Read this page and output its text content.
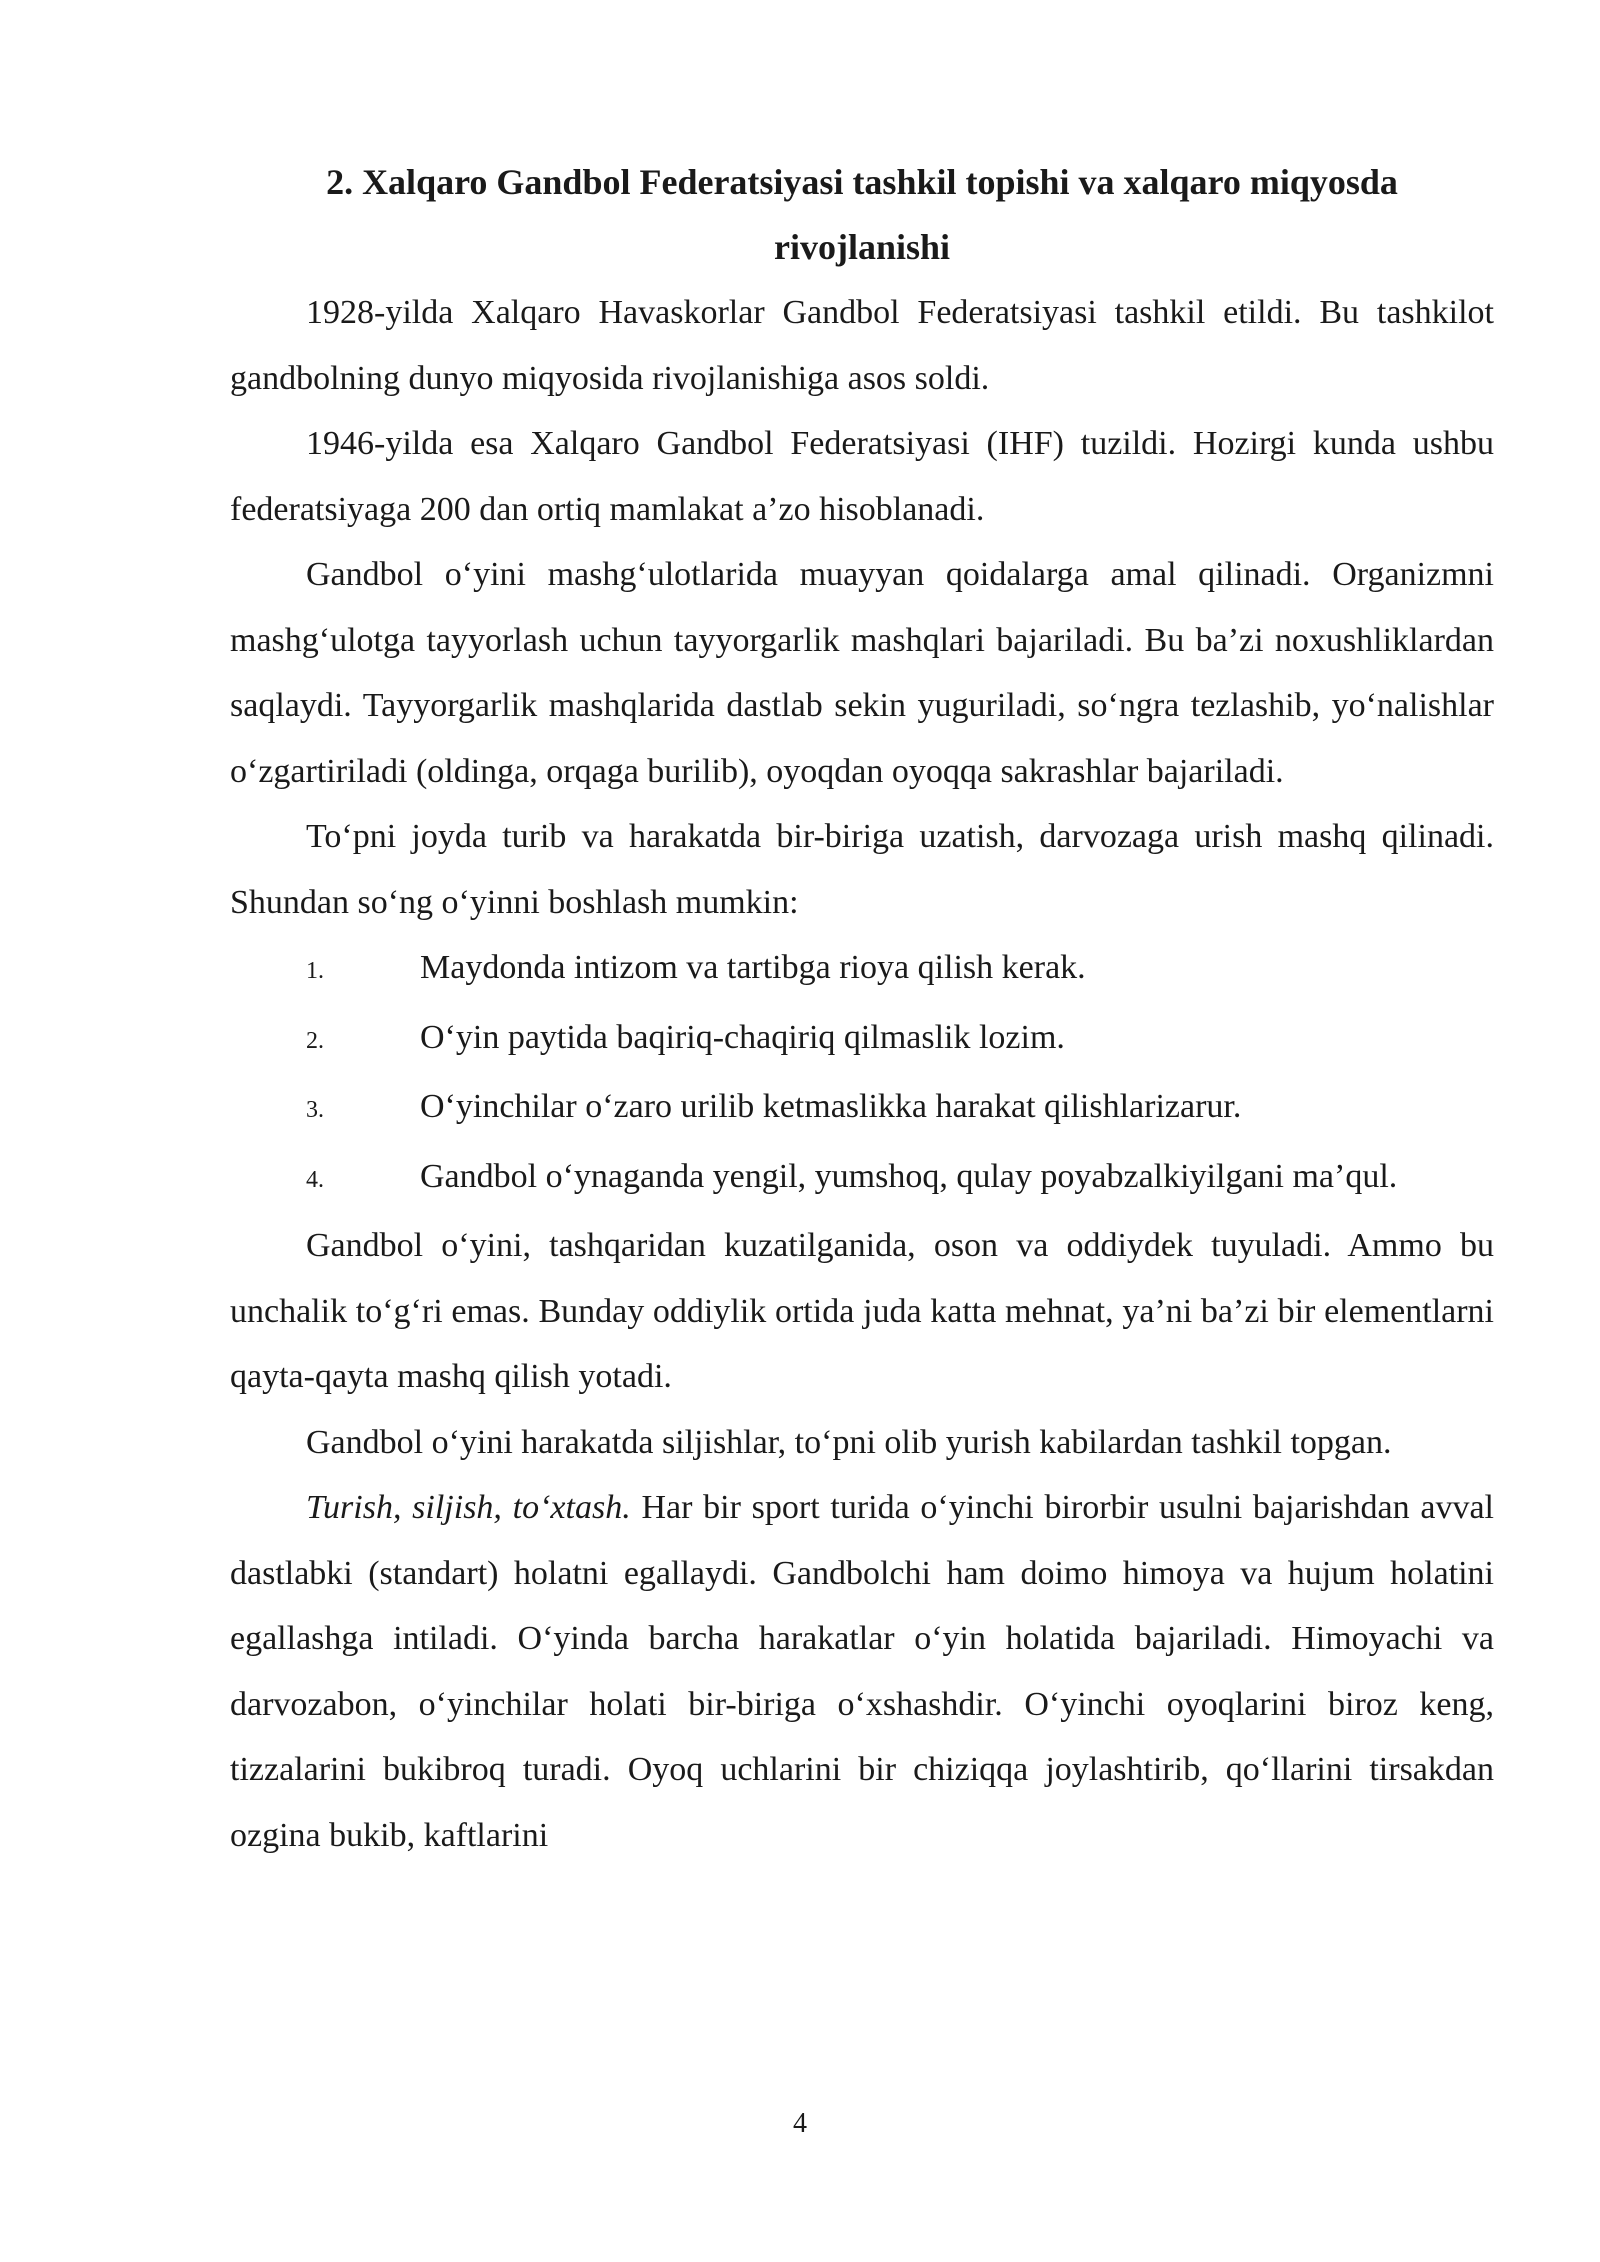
2. Xalqaro Gandbol Federatsiyasi tashkil topishi va xalqaro miqyosda rivojlanishi

1928-yilda Xalqaro Havaskorlar Gandbol Federatsiyasi tashkil etildi. Bu tashkilot gandbolning dunyo miqyosida rivojlanishiga asos soldi.

1946-yilda esa Xalqaro Gandbol Federatsiyasi (IHF) tuzildi. Hozirgi kunda ushbu federatsiyaga 200 dan ortiq mamlakat a’zo hisoblanadi.

Gandbol o‘yini mashg‘ulotlarida muayyan qoidalarga amal qilinadi. Organizmni mashg‘ulotga tayyorlash uchun tayyorgarlik mashqlari bajariladi. Bu ba’zi noxushliklardan saqlaydi. Tayyorgarlik mashqlarida dastlab sekin yuguriladi, so‘ngra tezlashib, yo‘nalishlar o‘zgartiriladi (oldinga, orqaga burilib), oyoqdan oyoqqa sakrashlar bajariladi.

To‘pni joyda turib va harakatda bir-biriga uzatish, darvozaga urish mashq qilinadi. Shundan so‘ng o‘yinni boshlash mumkin:

1.	Maydonda intizom va tartibga rioya qilish kerak.

2.	O‘yin paytida baqiriq-chaqiriq qilmaslik lozim.

3.	O‘yinchilar o‘zaro urilib ketmaslikka harakat qilishlarizarur.

4.	Gandbol o‘ynaganda yengil, yumshoq, qulay poyabzalkiyilgani ma’qul.

Gandbol o‘yini, tashqaridan kuzatilganida, oson va oddiydek tuyuladi. Ammo bu unchalik to‘g‘ri emas. Bunday oddiylik ortida juda katta mehnat, ya’ni ba’zi bir elementlarni qayta-qayta mashq qilish yotadi.

Gandbol o‘yini harakatda siljishlar, to‘pni olib yurish kabilardan tashkil topgan.

Turish, siljish, to‘xtash. Har bir sport turida o‘yinchi birorbir usulni bajarishdan avval dastlabki (standart) holatni egallaydi. Gandbolchi ham doimo himoya va hujum holatini egallashga intiladi. O‘yinda barcha harakatlar o‘yin holatida bajariladi. Himoyachi va darvozabon, o‘yinchilar holati bir-biriga o‘xshashdir. O‘yinchi oyoqlarini biroz keng, tizzalarini bukibroq turadi. Oyoq uchlarini bir chiziqqa joylashtirib, qo‘llarini tirsakdan ozgina bukib, kaftlarini

4
